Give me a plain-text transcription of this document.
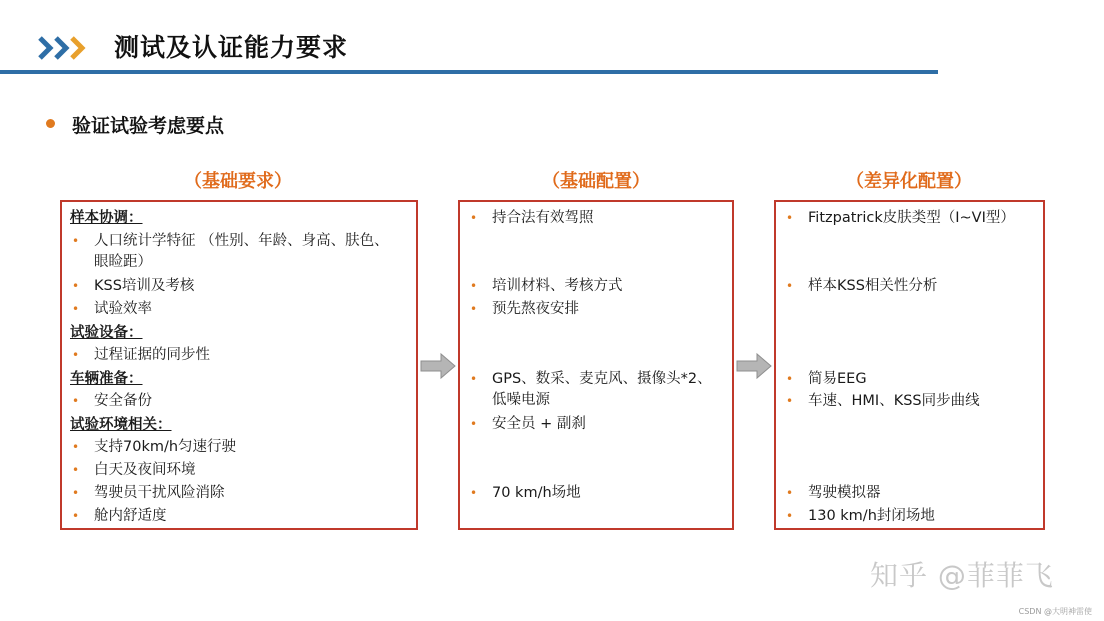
测试及认证能力要求
验证试验考虑要点
（基础要求）	（基础配置）	（差异化配置）
样本协调：
• 人口统计学特征 （性别、年龄、身高、肤色、
眼睑距）
• KSS培训及考核
• 试验效率
试验设备：
• 过程证据的同步性
车辆准备：
• 安全备份
试验环境相关：
• 支持70km/h匀速行驶
• 白天及夜间环境
• 驾驶员干扰风险消除
• 舱内舒适度
• 持合法有效驾照
• 培训材料、考核方式
• 预先熬夜安排
• GPS、数采、麦克风、摄像头*2、
低噪电源
• 安全员 + 副刹
• 70 km/h场地
• Fitzpatrick皮肤类型（I~VI型）
• 样本KSS相关性分析
• 简易EEG
• 车速、HMI、KSS同步曲线
• 驾驶模拟器
• 130 km/h封闭场地
知乎 @菲菲飞
CSDN @大明神雷使
